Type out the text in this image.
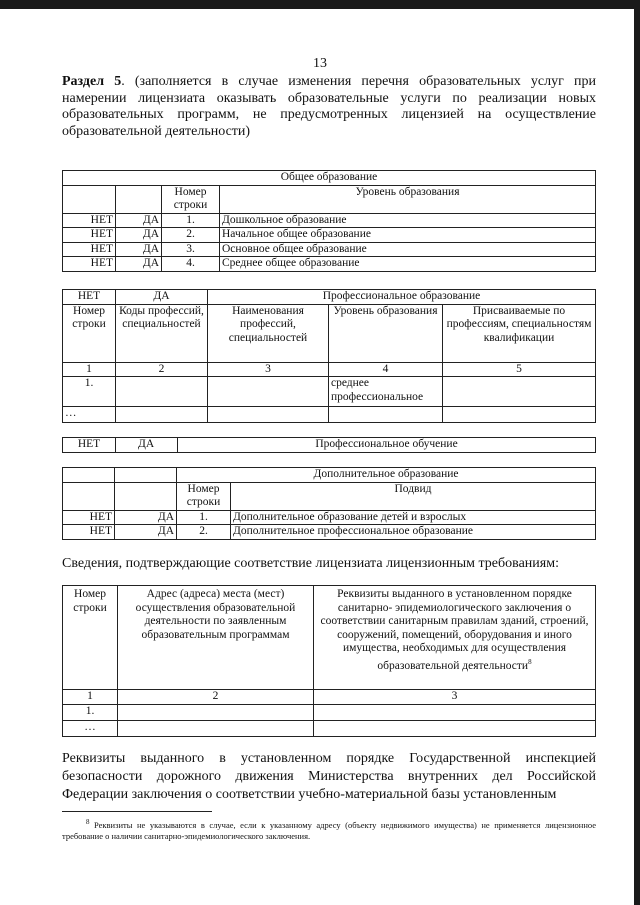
13
Раздел 5. (заполняется в случае изменения перечня образовательных услуг при намерении лицензиата оказывать образовательные услуги по реализации новых образовательных программ, не предусмотренных лицензией на осуществление образовательной деятельности)
Общее образование			
		Номер строки	Уровень образования
НЕТ	ДА	1.	Дошкольное образование
НЕТ	ДА	2.	Начальное общее образование
НЕТ	ДА	3.	Основное общее образование
НЕТ	ДА	4.	Среднее общее образование
НЕТ	ДА	Профессиональное образование		
Номер строки	Коды профессий, специальностей	Наименования профессий, специальностей	Уровень образования	Присваиваемые по профессиям, специальностям квалификации
1	2	3	4	5
1.			среднее профессиональное	
…				
НЕТ	ДА	Профессиональное обучение
		Дополнительное образование	
		Номер строки	Подвид
НЕТ	ДА	1.	Дополнительное образование детей и взрослых
НЕТ	ДА	2.	Дополнительное профессиональное образование
Сведения, подтверждающие соответствие лицензиата лицензионным требованиям:
Номер строки	Адрес (адреса) места (мест) осуществления образовательной деятельности по заявленным образовательным программам	Реквизиты выданного в установленном порядке санитарно- эпидемиологического заключения о соответствии санитарным правилам зданий, строений, сооружений, помещений, оборудования и иного имущества, необходимых для осуществления образовательной деятельности$^8$
1	2	3
1.		
…		
Реквизиты выданного в установленном порядке Государственной инспекцией безопасности дорожного движения Министерства внутренних дел Российской Федерации заключения о соответствии учебно-материальной базы установленным
$^8$ Реквизиты не указываются в случае, если к указанному адресу (объекту недвижимого имущества) не применяется лицензионное требование о наличии санитарно-эпидемиологического заключения.
